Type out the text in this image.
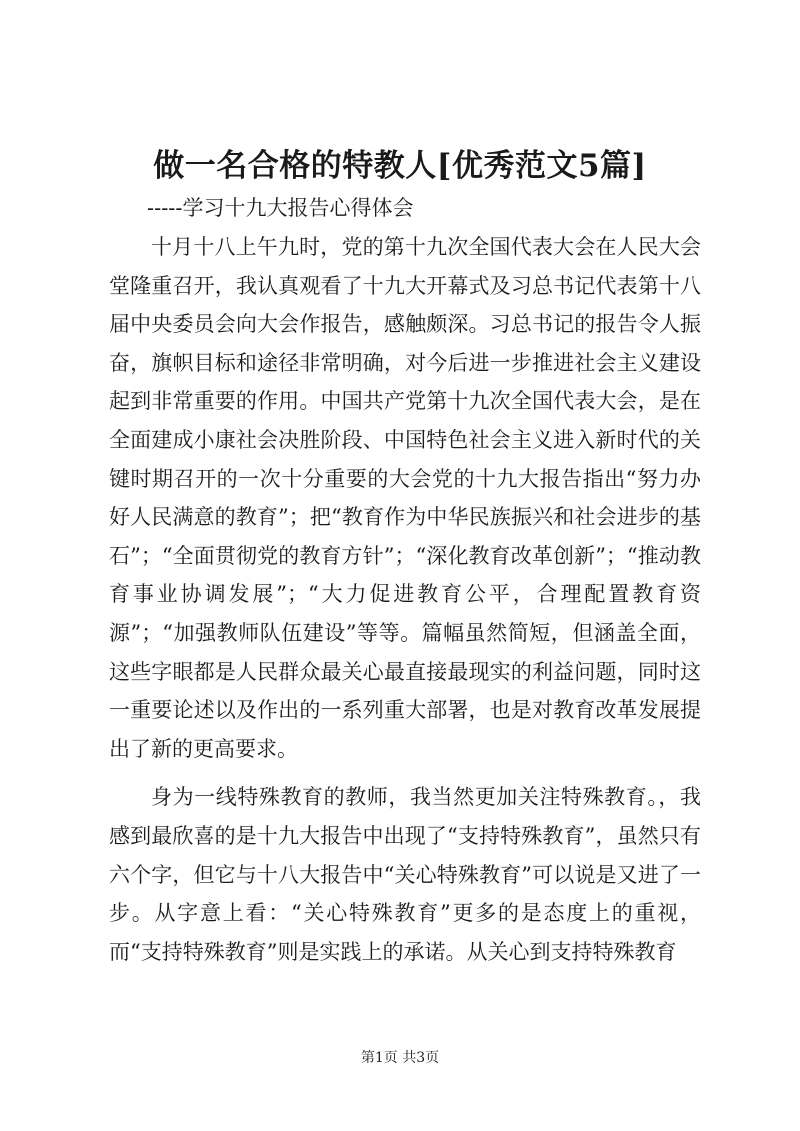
做一名合格的特教人[优秀范文5篇]

-----学习十九大报告心得体会

十月十八上午九时，党的第十九次全国代表大会在人民大会堂隆重召开，我认真观看了十九大开幕式及习总书记代表第十八届中央委员会向大会作报告，感触颇深。习总书记的报告令人振奋，旗帜目标和途径非常明确，对今后进一步推进社会主义建设起到非常重要的作用。中国共产党第十九次全国代表大会，是在全面建成小康社会决胜阶段、中国特色社会主义进入新时代的关键时期召开的一次十分重要的大会党的十九大报告指出“努力办好人民满意的教育”；把“教育作为中华民族振兴和社会进步的基石”；“全面贯彻党的教育方针”；“深化教育改革创新”；“推动教育事业协调发展”；“大力促进教育公平，合理配置教育资源”；“加强教师队伍建设”等等。篇幅虽然简短，但涵盖全面，这些字眼都是人民群众最关心最直接最现实的利益问题，同时这一重要论述以及作出的一系列重大部署，也是对教育改革发展提出了新的更高要求。

身为一线特殊教育的教师，我当然更加关注特殊教育。，我感到最欣喜的是十九大报告中出现了“支持特殊教育”，虽然只有六个字，但它与十八大报告中“关心特殊教育”可以说是又进了一步。从字意上看：“关心特殊教育”更多的是态度上的重视，而“支持特殊教育”则是实践上的承诺。从关心到支持特殊教育

第1页 共3页
